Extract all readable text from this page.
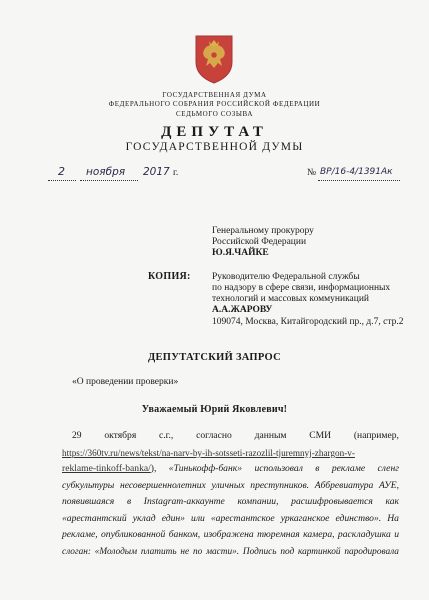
ГОСУДАРСТВЕННАЯ ДУМА
ФЕДЕРАЛЬНОГО СОБРАНИЯ РОССИЙСКОЙ ФЕДЕРАЦИИ
СЕДЬМОГО СОЗЫВА
ДЕПУТАТ
ГОСУДАРСТВЕННОЙ ДУМЫ
2 ноября 2017 г.	№ ВР/16-4/1391Ак
Генеральному прокурору
Российской Федерации
Ю.Я.ЧАЙКЕ
КОПИЯ: Руководителю Федеральной службы
по надзору в сфере связи, информационных
технологий и массовых коммуникаций
А.А.ЖАРОВУ
109074, Москва, Китайгородский пр., д.7, стр.2
ДЕПУТАТСКИЙ ЗАПРОС
«О проведении проверки»
Уважаемый Юрий Яковлевич!
29 октября с.г., согласно данным СМИ (например,
https://360tv.ru/news/tekst/na-narv-by-ih-sotsseti-razozlil-tjuremnyj-zhargon-v-
reklame-tinkoff-banka/), «Тинькофф-банк» использовал в рекламе сленг
субкультуры несовершеннолетних уличных преступников. Аббревиатура АУЕ,
появившаяся в Instagram-аккаунте компании, расшифровывается как
«арестантский уклад един» или «арестантское уркаганское единство». На
рекламе, опубликованной банком, изображена тюремная камера, раскладушка и
слоган: «Молодым платить не по масти». Подпись под картинкой пародировала
